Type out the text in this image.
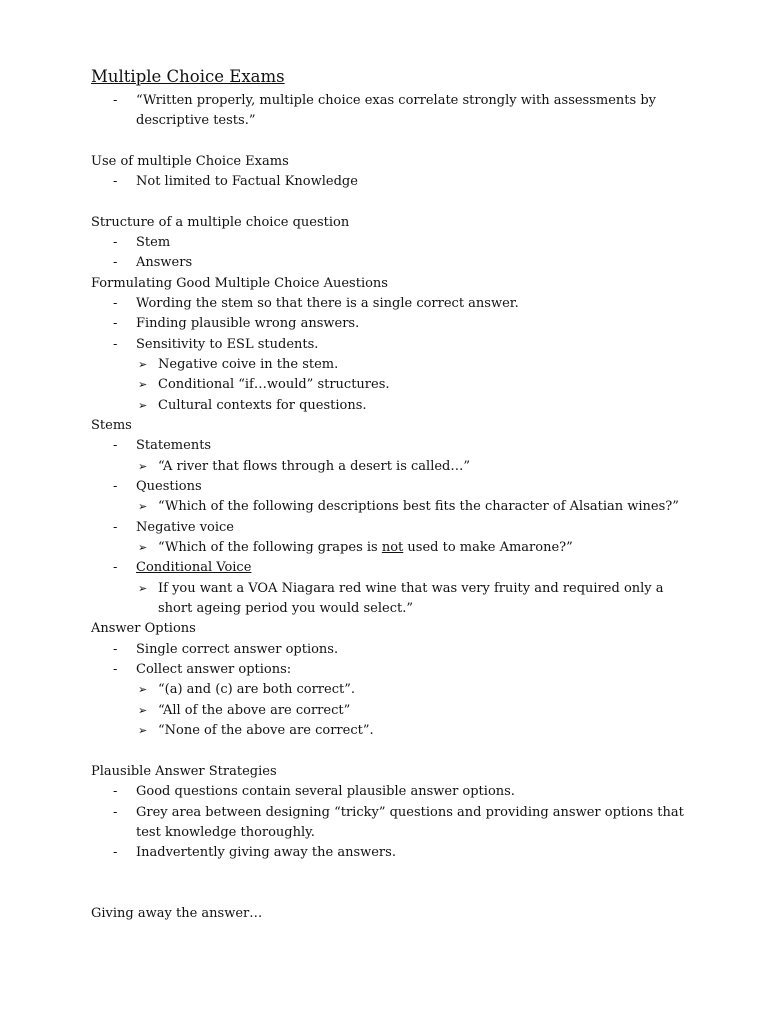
Multiple Choice Exams
- “Written properly, multiple choice exas correlate strongly with assessments by
descriptive tests.”
Use of multiple Choice Exams
- Not limited to Factual Knowledge
Structure of a multiple choice question
- Stem
- Answers
Formulating Good Multiple Choice Auestions
- Wording the stem so that there is a single correct answer.
- Finding plausible wrong answers.
- Sensitivity to ESL students.
➢ Negative coive in the stem.
➢ Conditional “if…would” structures.
➢ Cultural contexts for questions.
Stems
- Statements
➢ “A river that flows through a desert is called…”
- Questions
➢ “Which of the following descriptions best fits the character of Alsatian wines?”
- Negative voice
➢ “Which of the following grapes is not used to make Amarone?”
- Conditional Voice
➢ If you want a VOA Niagara red wine that was very fruity and required only a
short ageing period you would select.”
Answer Options
- Single correct answer options.
- Collect answer options:
➢ “(a) and (c) are both correct”.
➢ “All of the above are correct”
➢ “None of the above are correct”.
Plausible Answer Strategies
- Good questions contain several plausible answer options.
- Grey area between designing “tricky” questions and providing answer options that
test knowledge thoroughly.
- Inadvertently giving away the answers.
Giving away the answer…
